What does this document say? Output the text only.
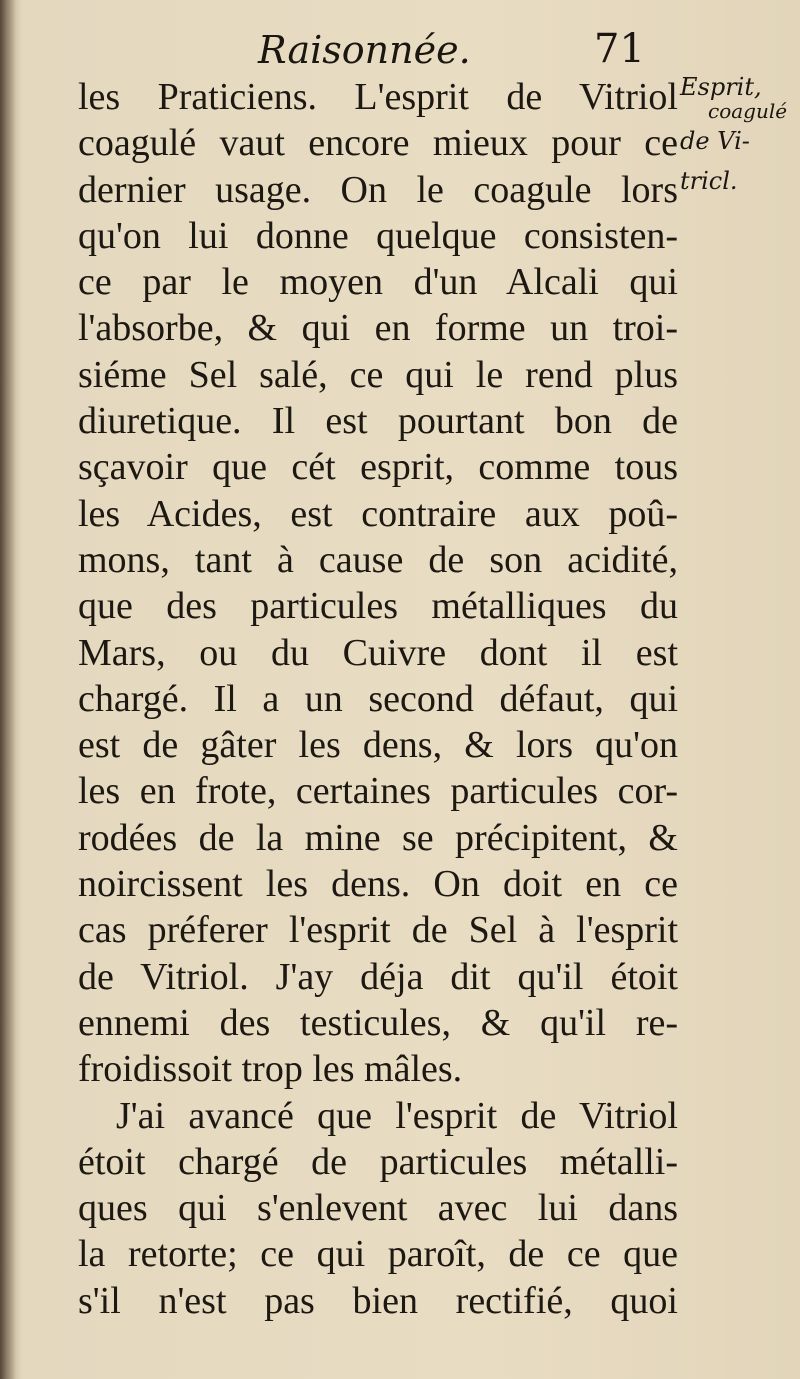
Raisonnée.	71
Esprit,
coagulé
de Vi-
tricl.
les Praticiens. L'esprit de Vitriol
coagulé vaut encore mieux pour ce
dernier usage. On le coagule lors
qu'on lui donne quelque consisten-
ce par le moyen d'un Alcali qui
l'absorbe, & qui en forme un troi-
siéme Sel salé, ce qui le rend plus
diuretique. Il est pourtant bon de
sçavoir que cét esprit, comme tous
les Acides, est contraire aux poû-
mons, tant à cause de son acidité,
que des particules métalliques du
Mars, ou du Cuivre dont il est
chargé. Il a un second défaut, qui
est de gâter les dens, & lors qu'on
les en frote, certaines particules cor-
rodées de la mine se précipitent, &
noircissent les dens. On doit en ce
cas préferer l'esprit de Sel à l'esprit
de Vitriol. J'ay déja dit qu'il étoit
ennemi des testicules, & qu'il re-
froidissoit trop les mâles.
J'ai avancé que l'esprit de Vitriol
étoit chargé de particules métalli-
ques qui s'enlevent avec lui dans
la retorte; ce qui paroît, de ce que
s'il n'est pas bien rectifié, quoi
